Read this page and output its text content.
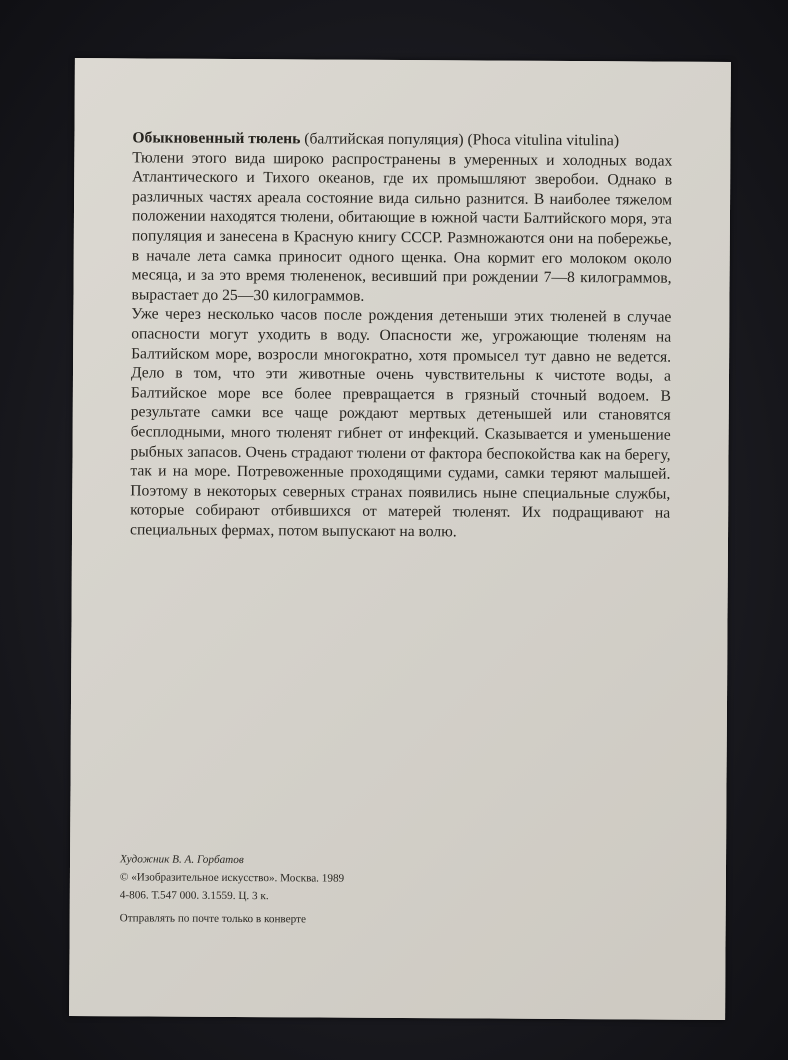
Обыкновенный тюлень (балтийская популяция) (Phoca vitulina vitulina)

Тюлени этого вида широко распространены в умеренных и холодных водах Атлантического и Тихого океанов, где их промышляют зверобои. Однако в различных частях ареала состояние вида сильно разнится. В наиболее тяжелом положении находятся тюлени, обитающие в южной части Балтийского моря, эта популяция и занесена в Красную книгу СССР. Размножаются они на побережье, в начале лета самка приносит одного щенка. Она кормит его молоком около месяца, и за это время тюлененок, весивший при рождении 7—8 килограммов, вырастает до 25—30 килограммов.

Уже через несколько часов после рождения детеныши этих тюленей в случае опасности могут уходить в воду. Опасности же, угрожающие тюленям на Балтийском море, возросли многократно, хотя промысел тут давно не ведется. Дело в том, что эти животные очень чувствительны к чистоте воды, а Балтийское море все более превращается в грязный сточный водоем. В результате самки все чаще рождают мертвых детенышей или становятся бесплодными, много тюленят гибнет от инфекций. Сказывается и уменьшение рыбных запасов. Очень страдают тюлени от фактора беспокойства как на берегу, так и на море. Потревоженные проходящими судами, самки теряют малышей. Поэтому в некоторых северных странах появились ныне специальные службы, которые собирают отбившихся от матерей тюленят. Их подращивают на специальных фермах, потом выпускают на волю.

Художник В. А. Горбатов
© «Изобразительное искусство». Москва. 1989
4-806. Т.547 000. З.1559. Ц. 3 к.
Отправлять по почте только в конверте
